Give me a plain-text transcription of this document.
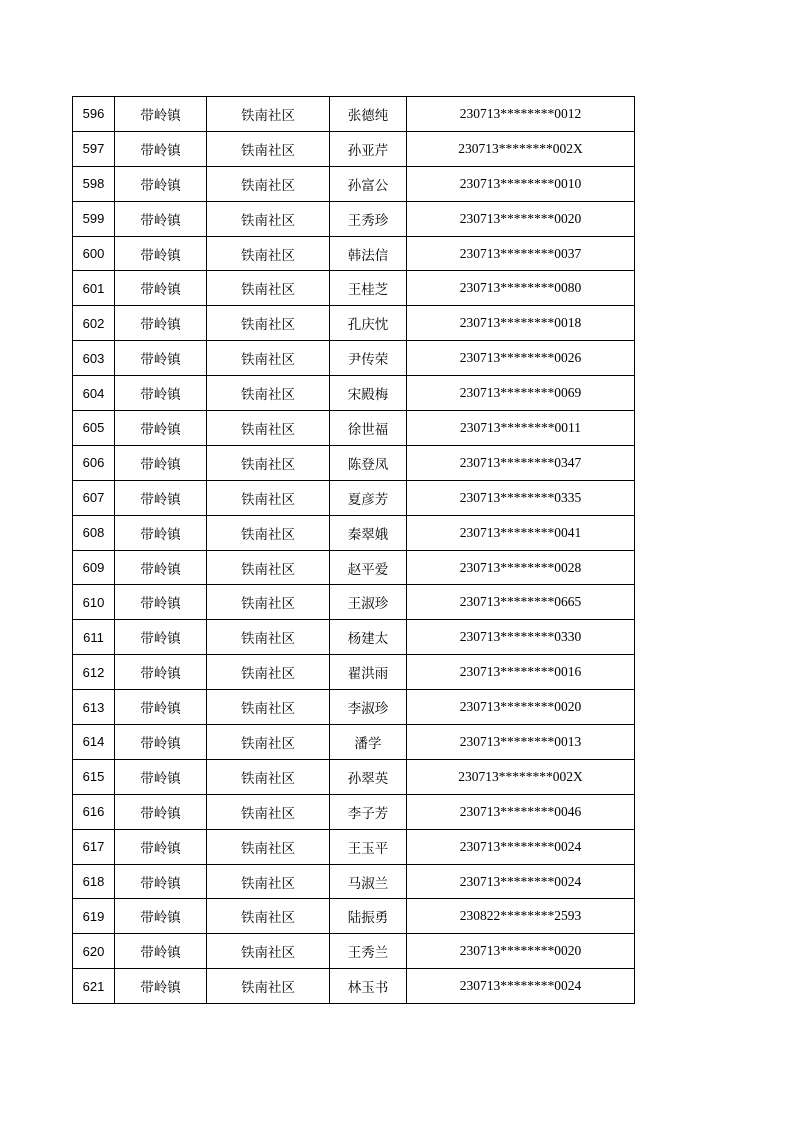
596	带岭镇	铁南社区	张德纯	230713********0012
597	带岭镇	铁南社区	孙亚芹	230713********002X
598	带岭镇	铁南社区	孙富公	230713********0010
599	带岭镇	铁南社区	王秀珍	230713********0020
600	带岭镇	铁南社区	韩法信	230713********0037
601	带岭镇	铁南社区	王桂芝	230713********0080
602	带岭镇	铁南社区	孔庆忱	230713********0018
603	带岭镇	铁南社区	尹传荣	230713********0026
604	带岭镇	铁南社区	宋殿梅	230713********0069
605	带岭镇	铁南社区	徐世福	230713********0011
606	带岭镇	铁南社区	陈登凤	230713********0347
607	带岭镇	铁南社区	夏彦芳	230713********0335
608	带岭镇	铁南社区	秦翠娥	230713********0041
609	带岭镇	铁南社区	赵平爱	230713********0028
610	带岭镇	铁南社区	王淑珍	230713********0665
611	带岭镇	铁南社区	杨建太	230713********0330
612	带岭镇	铁南社区	翟洪雨	230713********0016
613	带岭镇	铁南社区	李淑珍	230713********0020
614	带岭镇	铁南社区	潘学	230713********0013
615	带岭镇	铁南社区	孙翠英	230713********002X
616	带岭镇	铁南社区	李子芳	230713********0046
617	带岭镇	铁南社区	王玉平	230713********0024
618	带岭镇	铁南社区	马淑兰	230713********0024
619	带岭镇	铁南社区	陆振勇	230822********2593
620	带岭镇	铁南社区	王秀兰	230713********0020
621	带岭镇	铁南社区	林玉书	230713********0024
